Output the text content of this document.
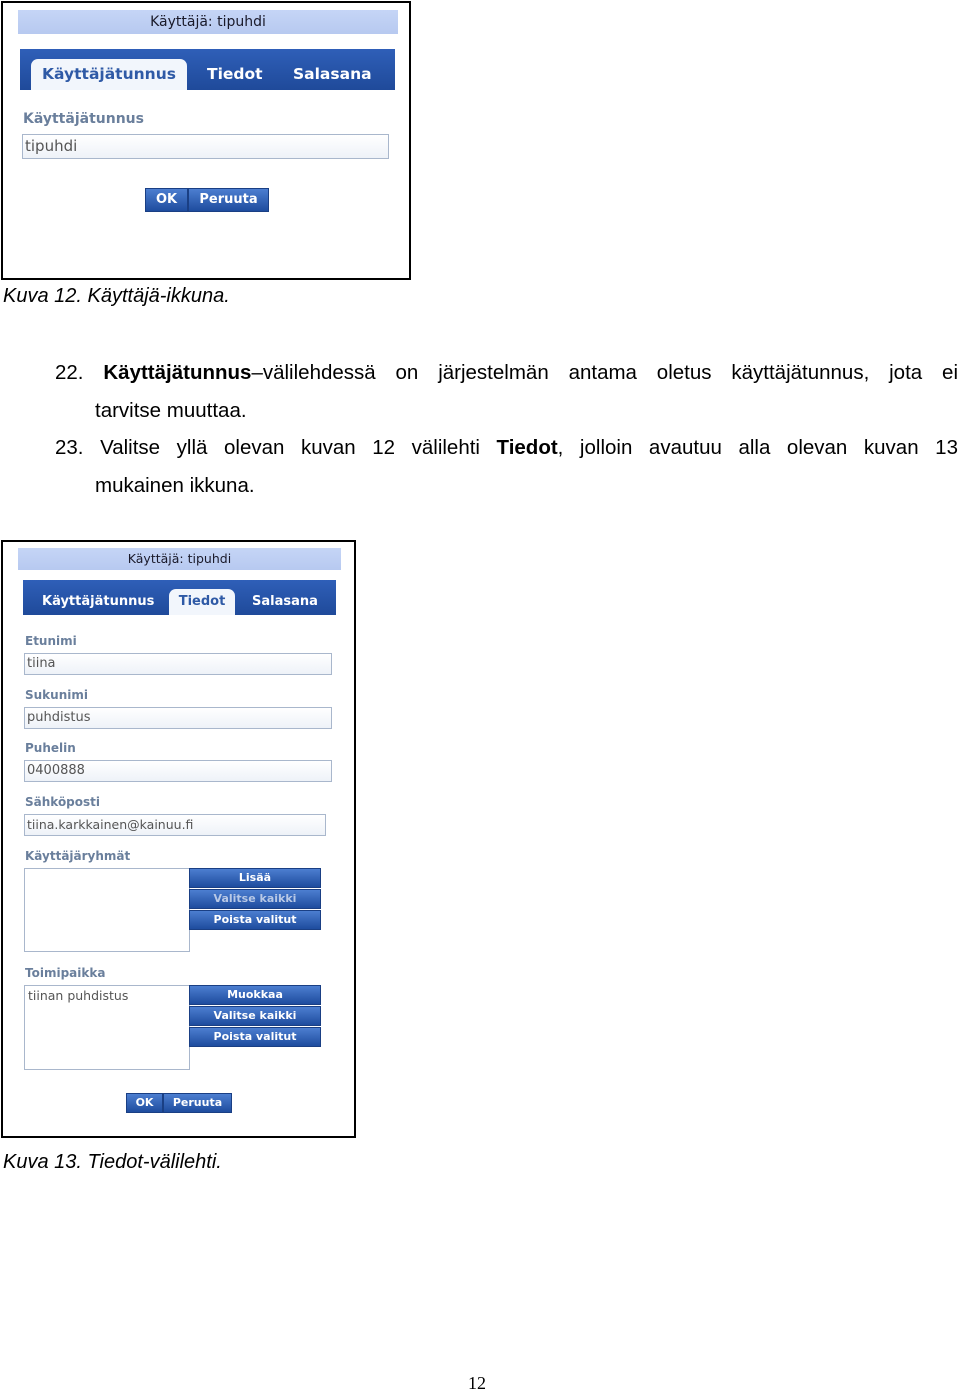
Käyttäjä: tipuhdi
Käyttäjätunnus	Tiedot Salasana
Käyttäjätunnus
tipuhdi
OK	Peruuta
Kuva 12. Käyttäjä-ikkuna.
22. Käyttäjätunnus–välilehdessä on järjestelmän antama oletus käyttäjätunnus, jota ei
tarvitse muuttaa.
23. Valitse yllä olevan kuvan 12 välilehti Tiedot, jolloin avautuu alla olevan kuvan 13
mukainen ikkuna.
Käyttäjä: tipuhdi
Käyttäjätunnus	Tiedot	Salasana
Etunimi
tiina
Sukunimi
puhdistus
Puhelin
0400888
Sähköposti
tiina.karkkainen@kainuu.fi
Käyttäjäryhmät
Lisää
Valitse kaikki
Poista valitut
Toimipaikka
tiinan puhdistus	Muokkaa
Valitse kaikki
Poista valitut
OK	Peruuta
Kuva 13. Tiedot-välilehti.
12
